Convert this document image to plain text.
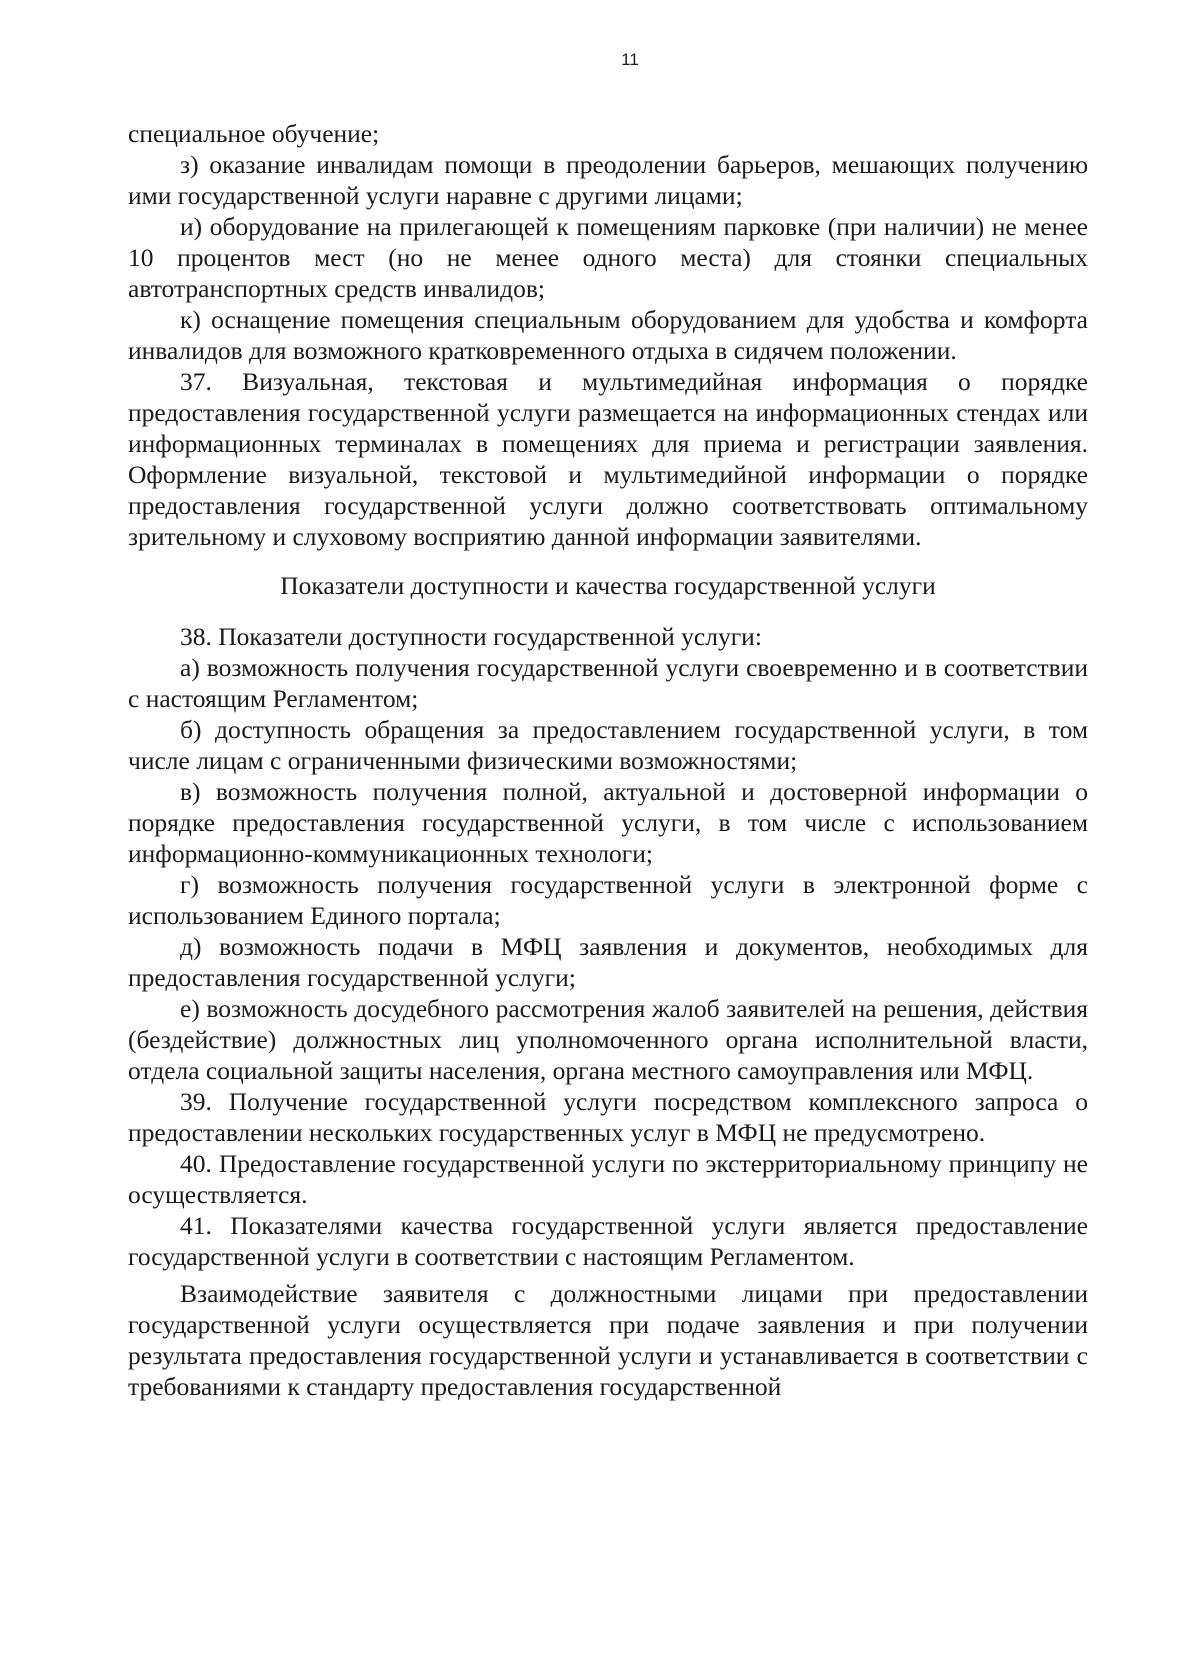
11

специальное обучение;

з) оказание инвалидам помощи в преодолении барьеров, мешающих получению ими государственной услуги наравне с другими лицами;

и) оборудование на прилегающей к помещениям парковке (при наличии) не менее 10 процентов мест (но не менее одного места) для стоянки специальных автотранспортных средств инвалидов;

к) оснащение помещения специальным оборудованием для удобства и комфорта инвалидов для возможного кратковременного отдыха в сидячем положении.

37. Визуальная, текстовая и мультимедийная информация о порядке предоставления государственной услуги размещается на информационных стендах или информационных терминалах в помещениях для приема и регистрации заявления. Оформление визуальной, текстовой и мультимедийной информации о порядке предоставления государственной услуги должно соответствовать оптимальному зрительному и слуховому восприятию данной информации заявителями.

Показатели доступности и качества государственной услуги

38. Показатели доступности государственной услуги:

а) возможность получения государственной услуги своевременно и в соответствии с настоящим Регламентом;

б) доступность обращения за предоставлением государственной услуги, в том числе лицам с ограниченными физическими возможностями;

в) возможность получения полной, актуальной и достоверной информации о порядке предоставления государственной услуги, в том числе с использованием информационно-коммуникационных технологи;

г) возможность получения государственной услуги в электронной форме с использованием Единого портала;

д) возможность подачи в МФЦ заявления и документов, необходимых для предоставления государственной услуги;

е) возможность досудебного рассмотрения жалоб заявителей на решения, действия (бездействие) должностных лиц уполномоченного органа исполнительной власти, отдела социальной защиты населения, органа местного самоуправления или МФЦ.

39. Получение государственной услуги посредством комплексного запроса о предоставлении нескольких государственных услуг в МФЦ не предусмотрено.

40. Предоставление государственной услуги по экстерриториальному принципу не осуществляется.

41. Показателями качества государственной услуги является предоставление государственной услуги в соответствии с настоящим Регламентом.

Взаимодействие заявителя с должностными лицами при предоставлении государственной услуги осуществляется при подаче заявления и при получении результата предоставления государственной услуги и устанавливается в соответствии с требованиями к стандарту предоставления государственной
